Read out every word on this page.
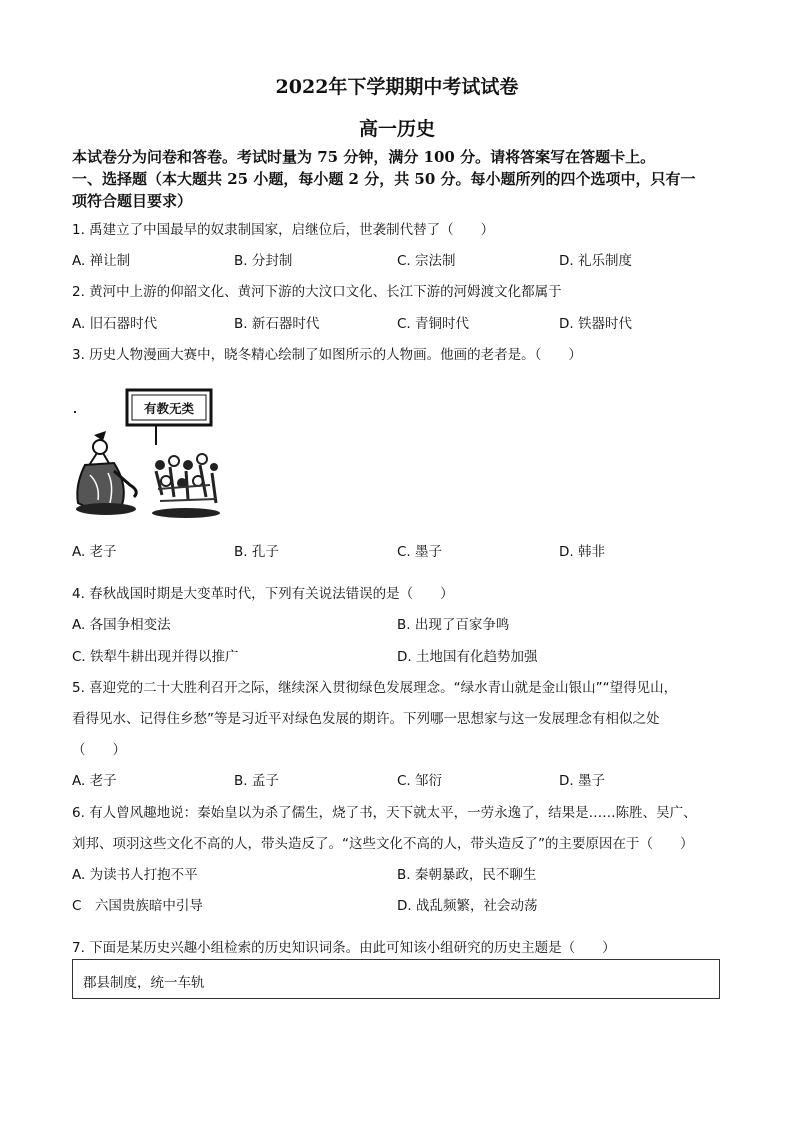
2022年下学期期中考试试卷
高一历史
本试卷分为问卷和答卷。考试时量为 75 分钟，满分 100 分。请将答案写在答题卡上。
一、选择题（本大题共 25 小题，每小题 2 分，共 50 分。每小题所列的四个选项中，只有一
项符合题目要求）
1. 禹建立了中国最早的奴隶制国家，启继位后，世袭制代替了（　　）
A. 禅让制	B. 分封制	C. 宗法制	D. 礼乐制度
2. 黄河中上游的仰韶文化、黄河下游的大汶口文化、长江下游的河姆渡文化都属于
A. 旧石器时代	B. 新石器时代	C. 青铜时代	D. 铁器时代
3. 历史人物漫画大赛中，晓冬精心绘制了如图所示的人物画。他画的老者是。（　　）
有教无类
A. 老子	B. 孔子	C. 墨子	D. 韩非
4. 春秋战国时期是大变革时代，下列有关说法错误的是（　　）
A. 各国争相变法	B. 出现了百家争鸣
C. 铁犁牛耕出现并得以推广	D. 土地国有化趋势加强
5. 喜迎党的二十大胜利召开之际，继续深入贯彻绿色发展理念。“绿水青山就是金山银山”“望得见山，
看得见水、记得住乡愁”等是习近平对绿色发展的期许。下列哪一思想家与这一发展理念有相似之处
（　　）
A. 老子	B. 孟子	C. 邹衍	D. 墨子
6. 有人曾风趣地说：秦始皇以为杀了儒生，烧了书，天下就太平，一劳永逸了，结果是……陈胜、吴广、
刘邦、项羽这些文化不高的人，带头造反了。“这些文化不高的人，带头造反了”的主要原因在于（　　）
A. 为读书人打抱不平	B. 秦朝暴政，民不聊生
C　六国贵族暗中引导	D. 战乱频繁，社会动荡
7. 下面是某历史兴趣小组检索的历史知识词条。由此可知该小组研究的历史主题是（　　）
郡县制度，统一车轨
